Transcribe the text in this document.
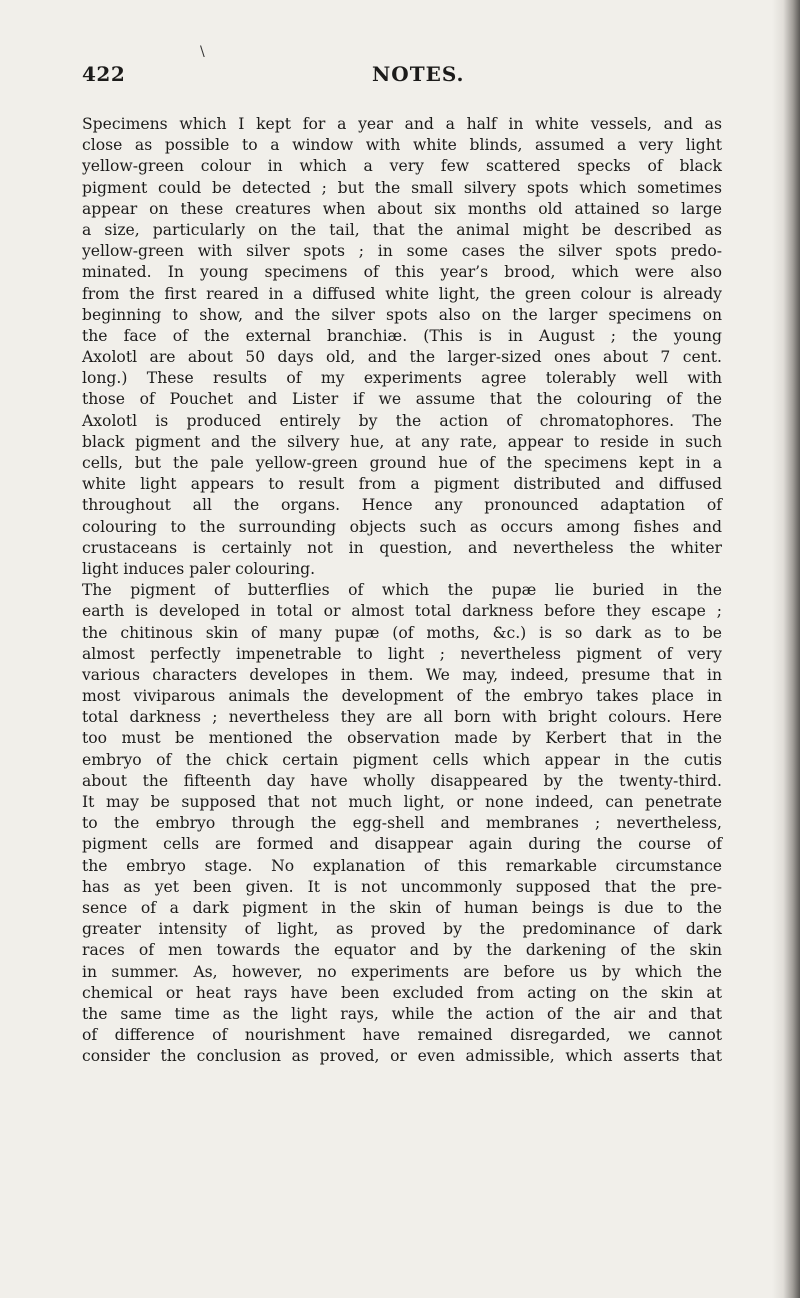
\
422	NOTES.
Specimens which I kept for a year and a half in white vessels, and as
close as possible to a window with white blinds, assumed a very light
yellow-green colour in which a very few scattered specks of black
pigment could be detected ; but the small silvery spots which sometimes
appear on these creatures when about six months old attained so large
a size, particularly on the tail, that the animal might be described as
yellow-green with silver spots ; in some cases the silver spots predo-
minated. In young specimens of this year’s brood, which were also
from the first reared in a diffused white light, the green colour is already
beginning to show, and the silver spots also on the larger specimens on
the face of the external branchiæ. (This is in August ; the young
Axolotl are about 50 days old, and the larger-sized ones about 7 cent.
long.) These results of my experiments agree tolerably well with
those of Pouchet and Lister if we assume that the colouring of the
Axolotl is produced entirely by the action of chromatophores. The
black pigment and the silvery hue, at any rate, appear to reside in such
cells, but the pale yellow-green ground hue of the specimens kept in a
white light appears to result from a pigment distributed and diffused
throughout all the organs. Hence any pronounced adaptation of
colouring to the surrounding objects such as occurs among fishes and
crustaceans is certainly not in question, and nevertheless the whiter
light induces paler colouring.
The pigment of butterflies of which the pupæ lie buried in the
earth is developed in total or almost total darkness before they escape ;
the chitinous skin of many pupæ (of moths, &c.) is so dark as to be
almost perfectly impenetrable to light ; nevertheless pigment of very
various characters developes in them. We may, indeed, presume that in
most viviparous animals the development of the embryo takes place in
total darkness ; nevertheless they are all born with bright colours. Here
too must be mentioned the observation made by Kerbert that in the
embryo of the chick certain pigment cells which appear in the cutis
about the fifteenth day have wholly disappeared by the twenty-third.
It may be supposed that not much light, or none indeed, can penetrate
to the embryo through the egg-shell and membranes ; nevertheless,
pigment cells are formed and disappear again during the course of
the embryo stage. No explanation of this remarkable circumstance
has as yet been given. It is not uncommonly supposed that the pre-
sence of a dark pigment in the skin of human beings is due to the
greater intensity of light, as proved by the predominance of dark
races of men towards the equator and by the darkening of the skin
in summer. As, however, no experiments are before us by which the
chemical or heat rays have been excluded from acting on the skin at
the same time as the light rays, while the action of the air and that
of difference of nourishment have remained disregarded, we cannot
consider the conclusion as proved, or even admissible, which asserts that
